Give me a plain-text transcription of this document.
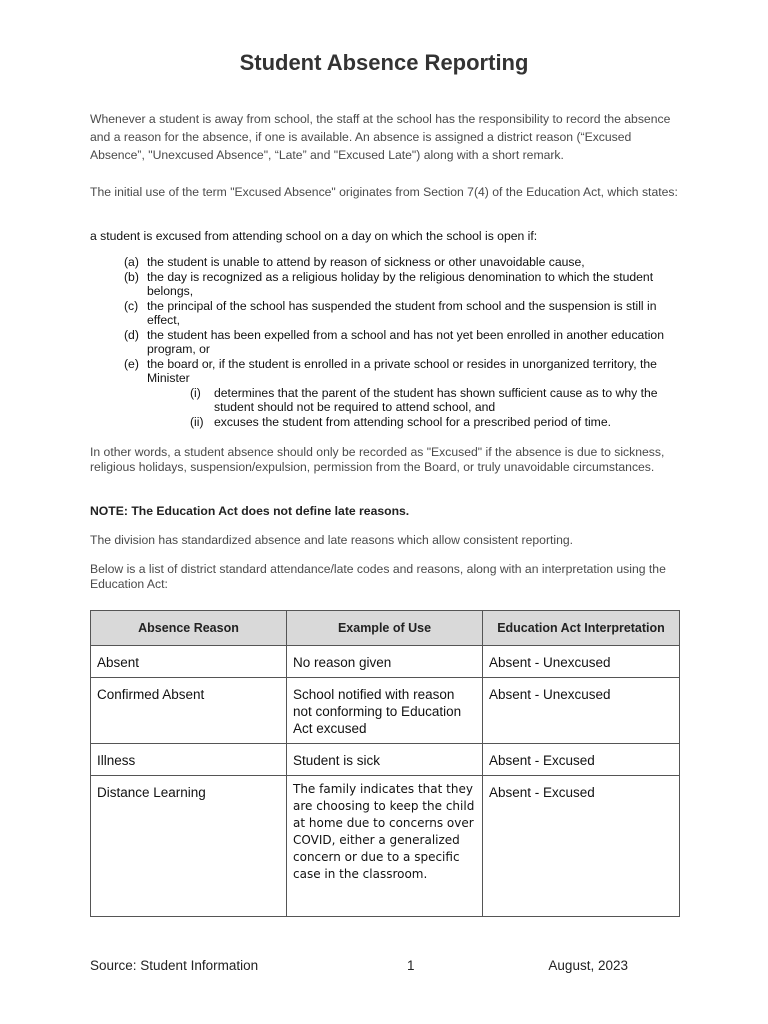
Student Absence Reporting
Whenever a student is away from school, the staff at the school has the responsibility to record the absence and a reason for the absence, if one is available. An absence is assigned a district reason (“Excused Absence”, "Unexcused Absence", “Late” and "Excused Late") along with a short remark.
The initial use of the term "Excused Absence" originates from Section 7(4) of the Education Act, which states:
a student is excused from attending school on a day on which the school is open if:
(a) the student is unable to attend by reason of sickness or other unavoidable cause,
(b) the day is recognized as a religious holiday by the religious denomination to which the student belongs,
(c) the principal of the school has suspended the student from school and the suspension is still in effect,
(d) the student has been expelled from a school and has not yet been enrolled in another education program, or
(e) the board or, if the student is enrolled in a private school or resides in unorganized territory, the Minister
(i) determines that the parent of the student has shown sufficient cause as to why the student should not be required to attend school, and
(ii) excuses the student from attending school for a prescribed period of time.
In other words, a student absence should only be recorded as "Excused" if the absence is due to sickness, religious holidays, suspension/expulsion, permission from the Board, or truly unavoidable circumstances.
NOTE: The Education Act does not define late reasons.
The division has standardized absence and late reasons which allow consistent reporting.
Below is a list of district standard attendance/late codes and reasons, along with an interpretation using the Education Act:
Absence Reason	Example of Use	Education Act Interpretation
Absent	No reason given	Absent - Unexcused
Confirmed Absent	School notified with reason not conforming to Education Act excused	Absent - Unexcused
Illness	Student is sick	Absent - Excused
Distance Learning	The family indicates that they are choosing to keep the child at home due to concerns over COVID, either a generalized concern or due to a specific case in the classroom.	Absent - Excused
Source: Student Information	1	August, 2023
